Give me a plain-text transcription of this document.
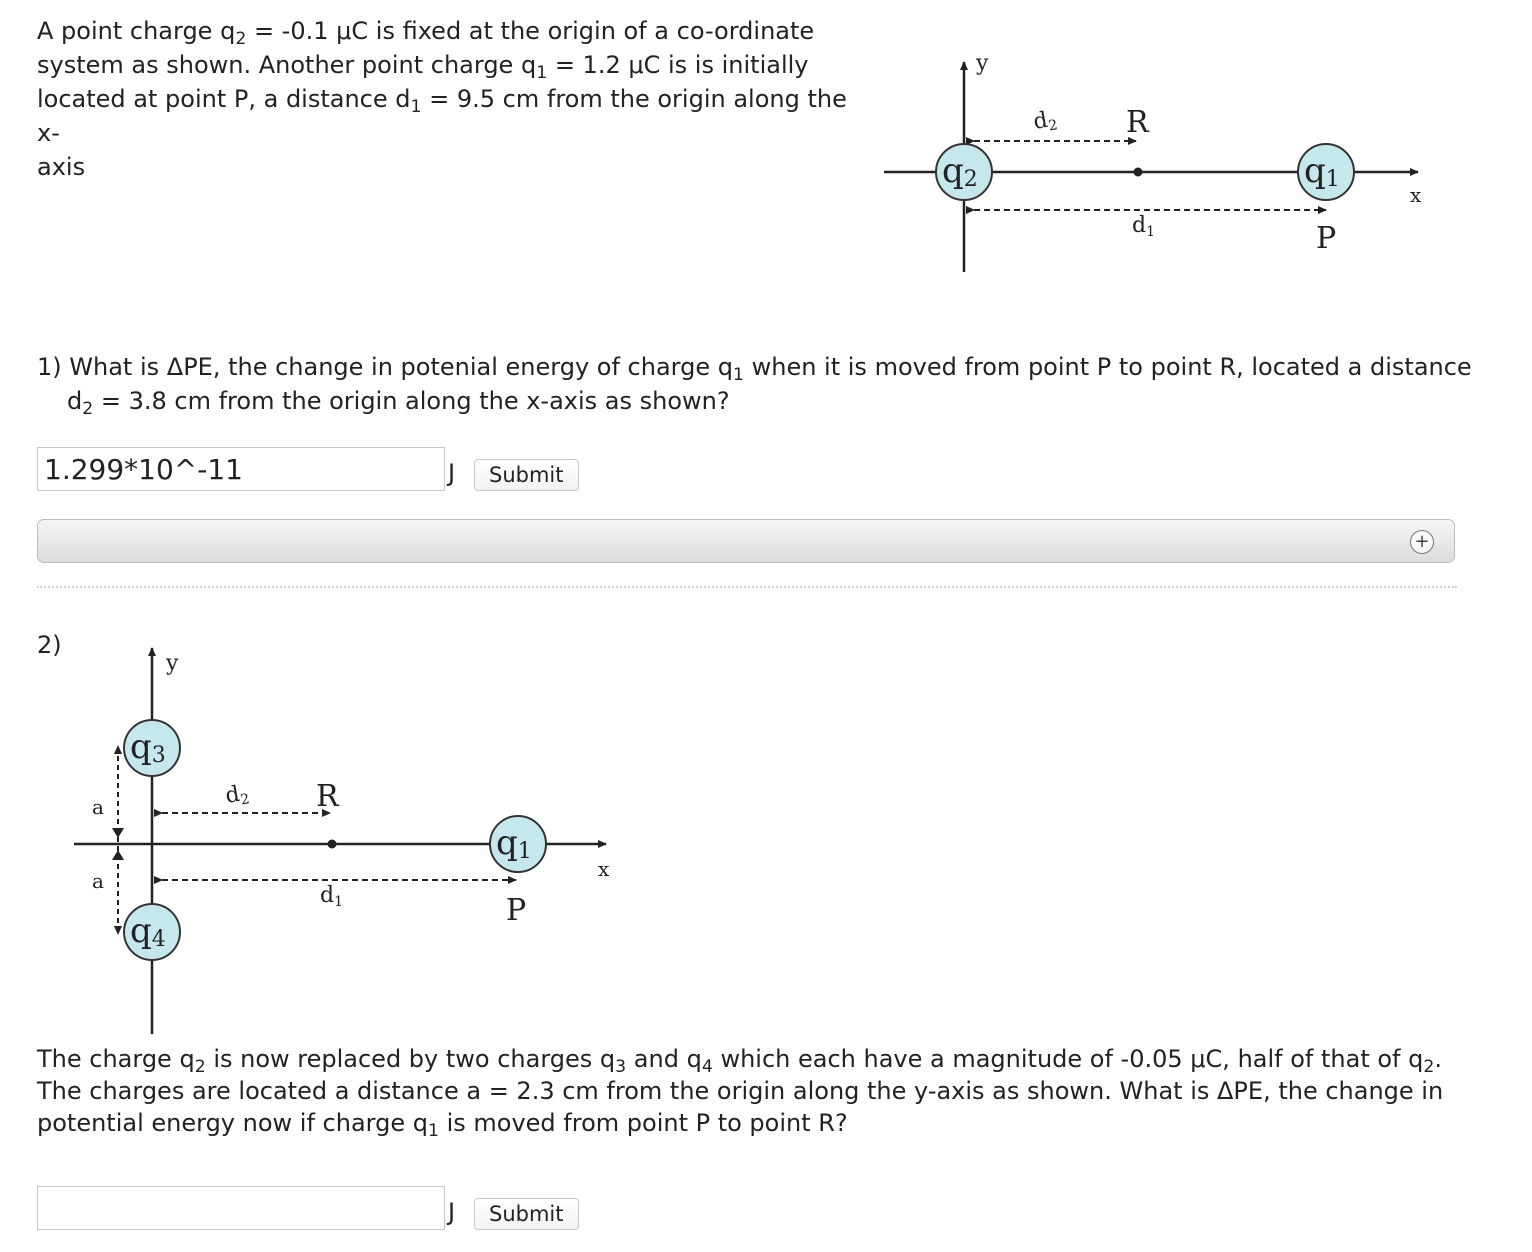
A point charge $q_2 = -0.1$ μC is fixed at the origin of a co-ordinate
system as shown. Another point charge $q_1 = 1.2$ μC is is initially
located at point P, a distance $d_1 = 9.5$ cm from the origin along the x-
axis
y
x
d2 R
d1	P
q2	q1
1) What is ΔPE, the change in potenial energy of charge $q_1$ when it is moved from point P to point R, located a distance
$d_2 = 3.8$ cm from the origin along the x-axis as shown?
1.299*10^-11
J	Submit
+
2)
y
x
a
a
d2 R
d1	P
q3
q4
q1
The charge $q_2$ is now replaced by two charges $q_3$ and $q_4$ which each have a magnitude of -0.05 μC, half of that of $q_2$.
The charges are located a distance a = 2.3 cm from the origin along the y-axis as shown. What is ΔPE, the change in
potential energy now if charge $q_1$ is moved from point P to point R?
J	Submit
